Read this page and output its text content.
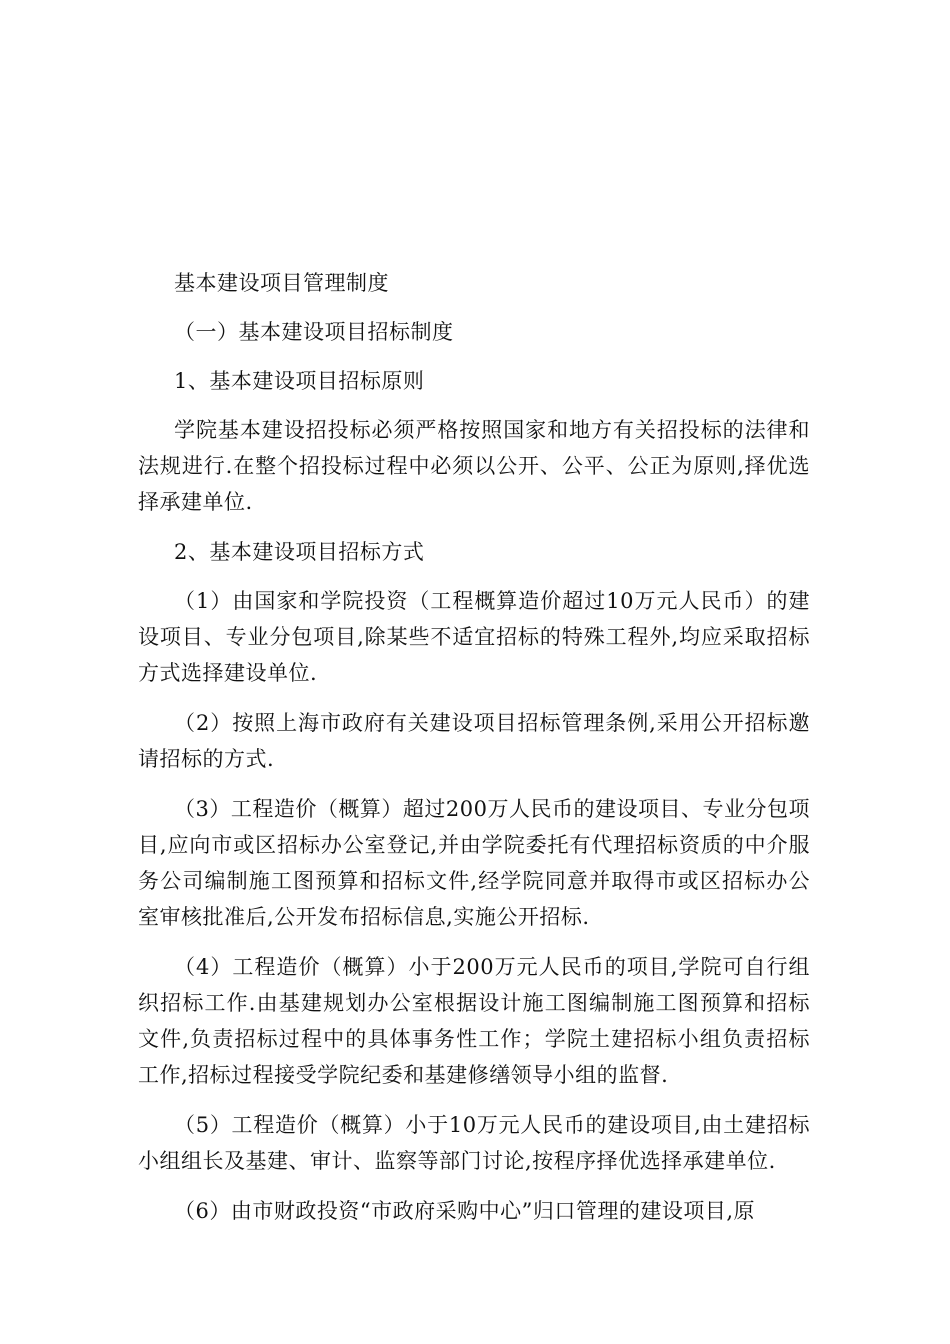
基本建设项目管理制度

（一）基本建设项目招标制度

1、基本建设项目招标原则

学院基本建设招投标必须严格按照国家和地方有关招投标的法律和法规进行.在整个招投标过程中必须以公开、公平、公正为原则,择优选择承建单位.

2、基本建设项目招标方式

（1）由国家和学院投资（工程概算造价超过10万元人民币）的建设项目、专业分包项目,除某些不适宜招标的特殊工程外,均应采取招标方式选择建设单位.

（2）按照上海市政府有关建设项目招标管理条例,采用公开招标邀请招标的方式.

（3）工程造价（概算）超过200万人民币的建设项目、专业分包项目,应向市或区招标办公室登记,并由学院委托有代理招标资质的中介服务公司编制施工图预算和招标文件,经学院同意并取得市或区招标办公室审核批准后,公开发布招标信息,实施公开招标.

（4）工程造价（概算）小于200万元人民币的项目,学院可自行组织招标工作.由基建规划办公室根据设计施工图编制施工图预算和招标文件,负责招标过程中的具体事务性工作；学院土建招标小组负责招标工作,招标过程接受学院纪委和基建修缮领导小组的监督.

（5）工程造价（概算）小于10万元人民币的建设项目,由土建招标小组组长及基建、审计、监察等部门讨论,按程序择优选择承建单位.

（6）由市财政投资“市政府采购中心”归口管理的建设项目,原
